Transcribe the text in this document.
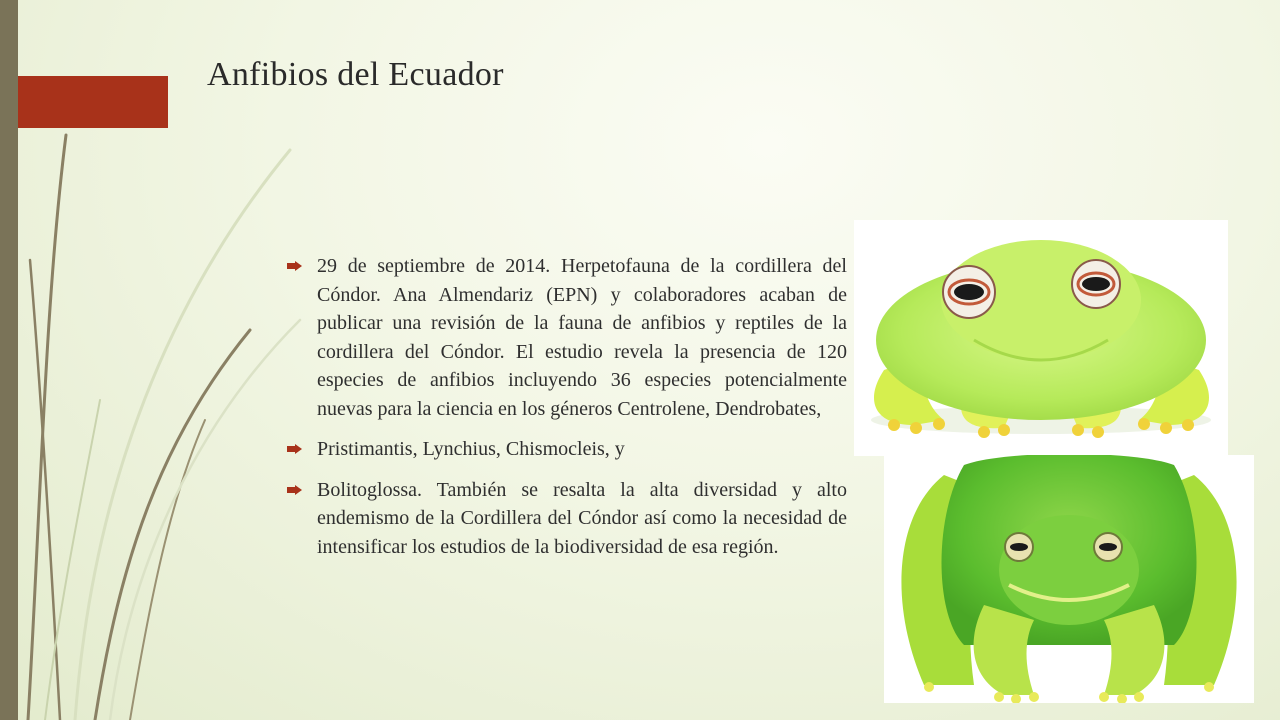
Anfibios del Ecuador
29 de septiembre de 2014. Herpetofauna de la cordillera del Cóndor. Ana Almendariz (EPN) y colaboradores acaban de publicar una revisión de la fauna de anfibios y reptiles de la cordillera del Cóndor. El estudio revela la presencia de 120 especies de anfibios incluyendo 36 especies potencialmente nuevas para la ciencia en los géneros Centrolene, Dendrobates,
Pristimantis, Lynchius, Chismocleis, y
Bolitoglossa. También se resalta la alta diversidad y alto endemismo de la Cordillera del Cóndor así como la necesidad de intensificar los estudios de la biodiversidad de esa región.
